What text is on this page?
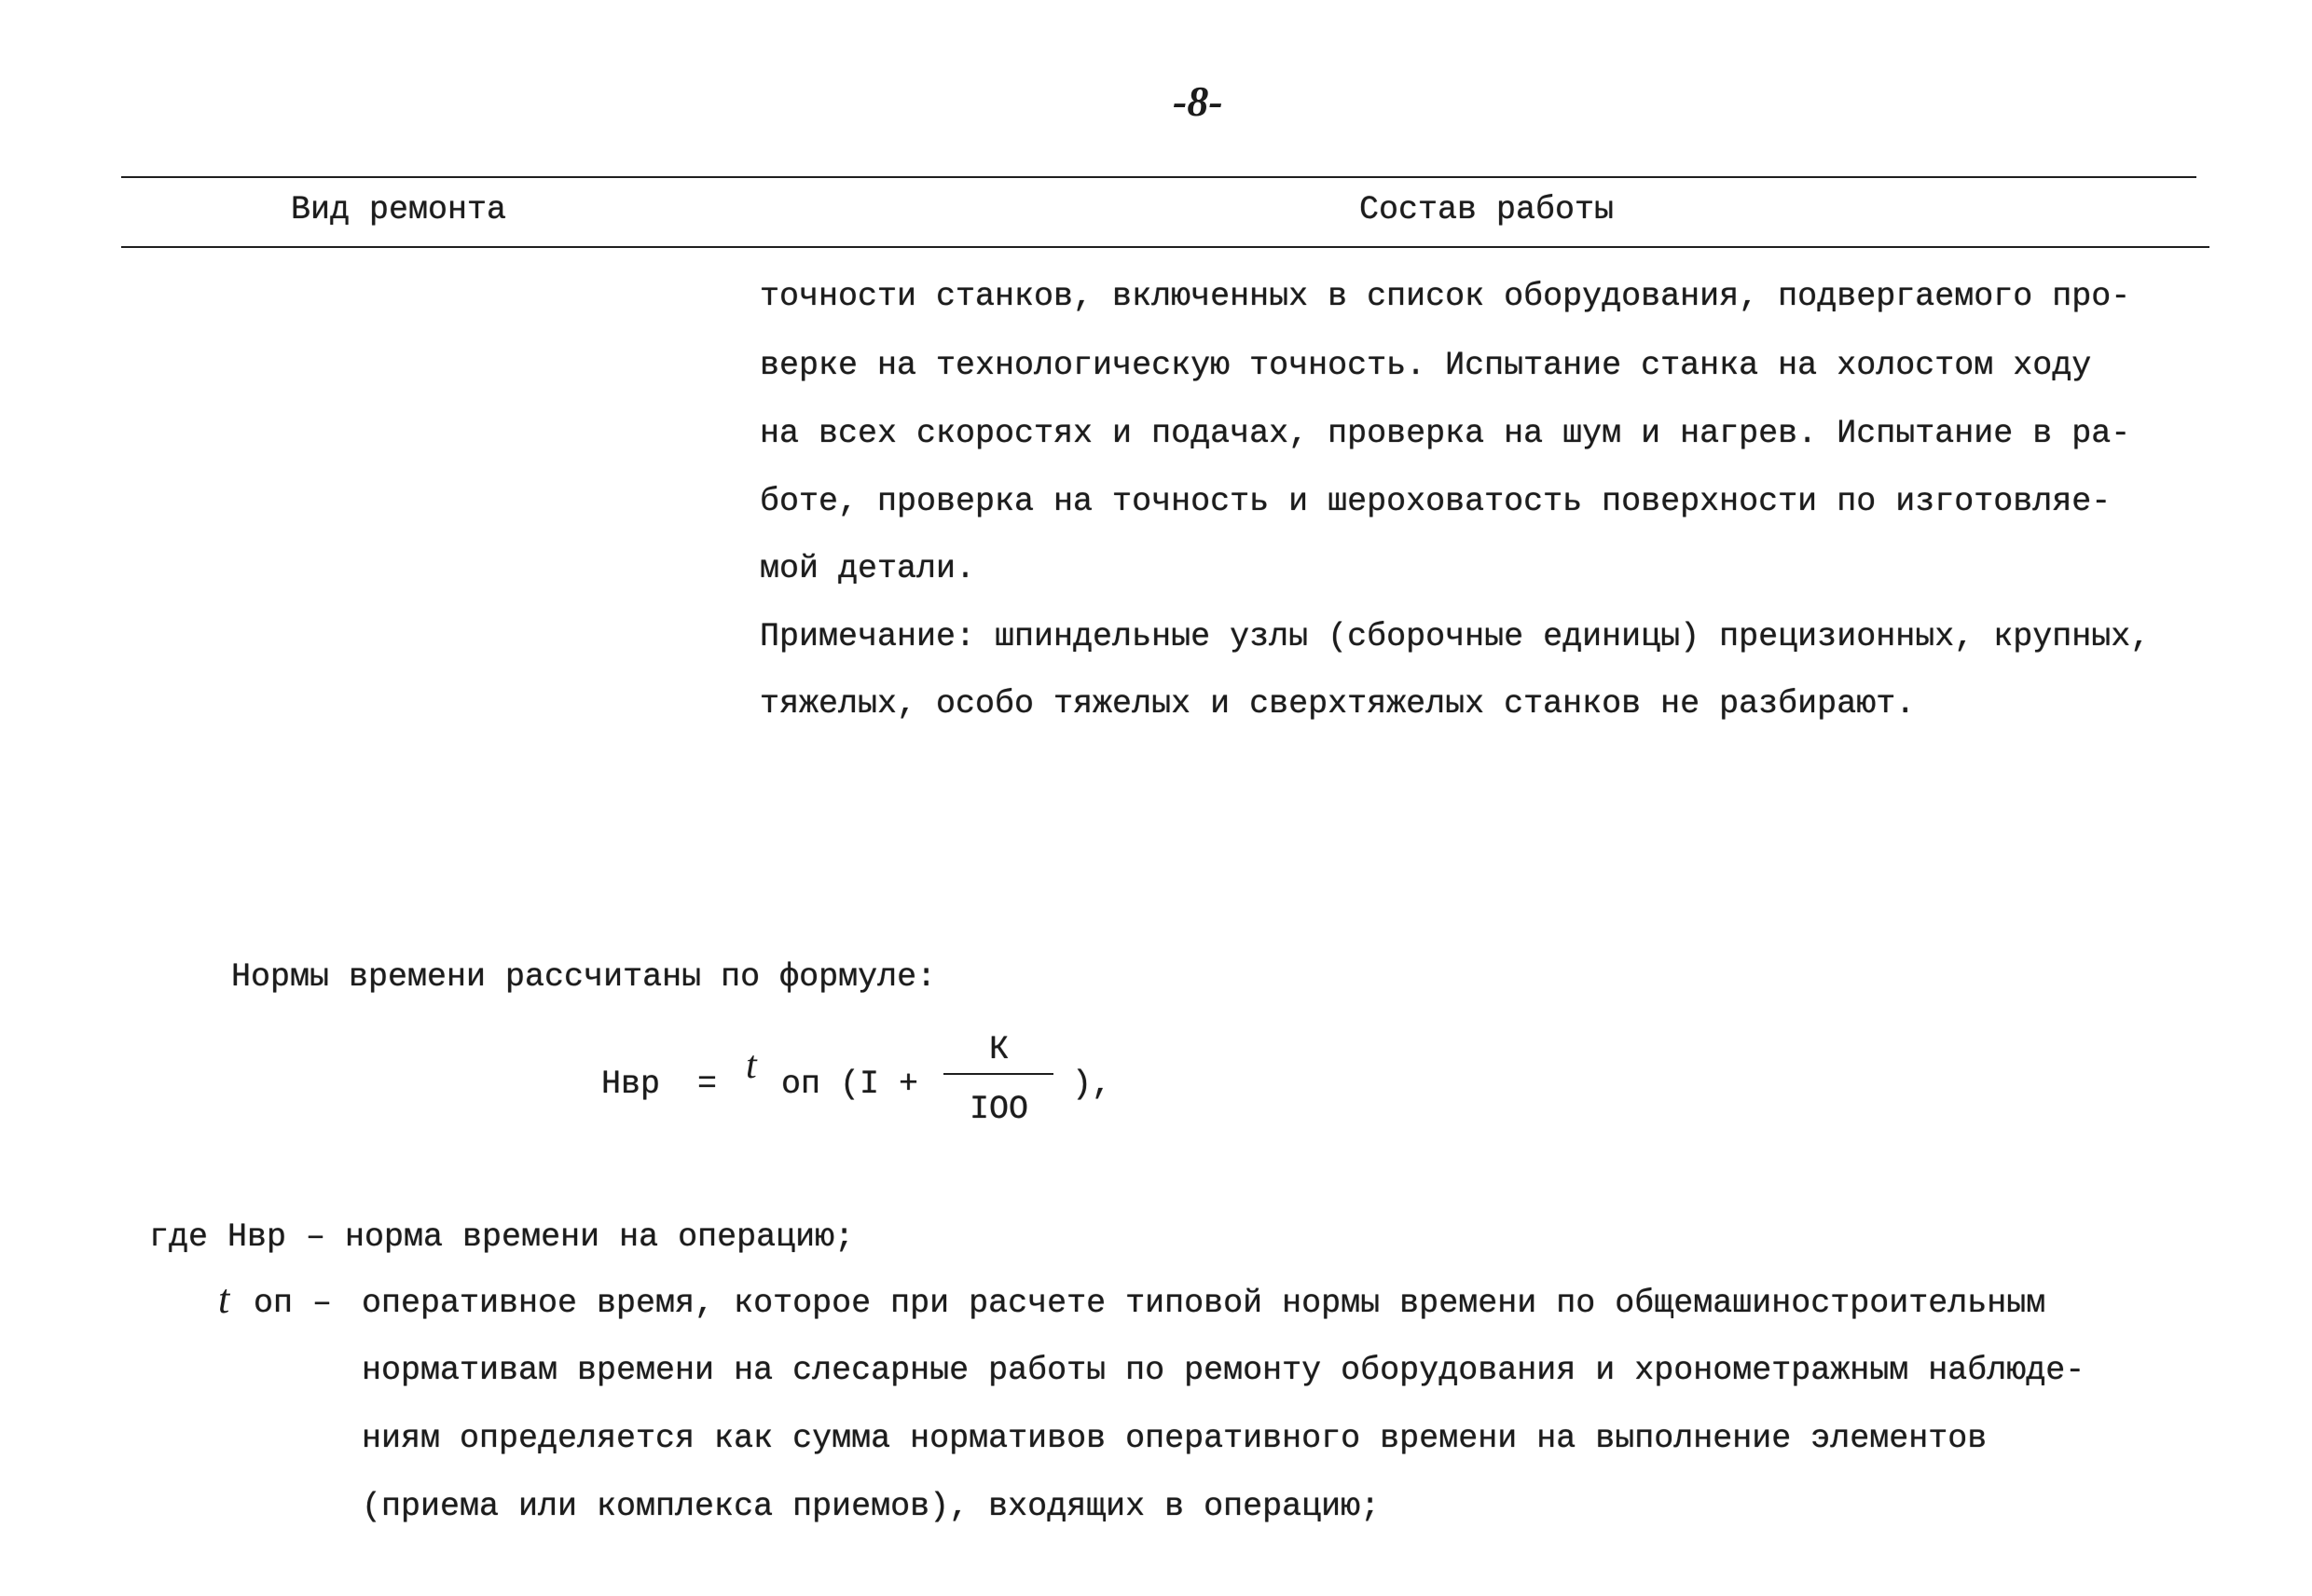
-8-
Вид ремонта	Состав работы
точности станков, включенных в список оборудования, подвергаемого про-
верке на технологическую точность. Испытание станка на холостом ходу
на всех скоростях и подачах, проверка на шум и нагрев. Испытание в ра-
боте, проверка на точность и шероховатость поверхности по изготовляе-
мой детали.
Примечание: шпиндельные узлы (сборочные единицы) прецизионных, крупных,
тяжелых, особо тяжелых и сверхтяжелых станков не разбирают.
Нормы времени рассчитаны по формуле:
Нвр = t оп (I +
К
IOO
),
где Нвр – норма времени на операцию;
t оп – оперативное время, которое при расчете типовой нормы времени по общемашиностроительным
нормативам времени на слесарные работы по ремонту оборудования и хронометражным наблюде-
ниям определяется как сумма нормативов оперативного времени на выполнение элементов
(приема или комплекса приемов), входящих в операцию;
